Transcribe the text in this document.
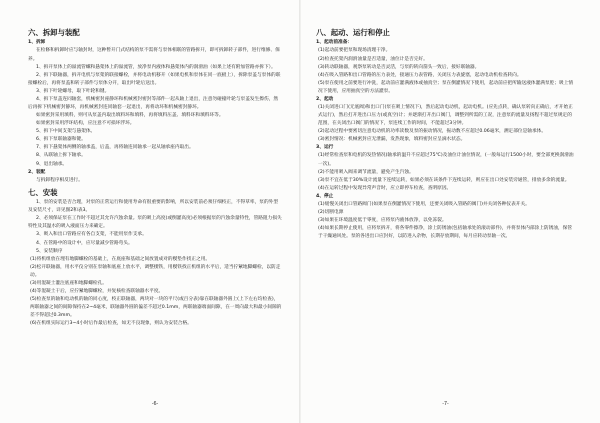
六、拆卸与装配
1、拆卸
在检修和拆卸时应与轴封时，这种暂开门式结构的泵不需将与泵体相联的管路拆开，即可拆卸转子部件，进行维修、保养。
1、拆开泵体上的溢流管螺和悬架体上的溢流管，放净泵内液体和悬架体内的润滑油（如果上述有附加管路亦拆下）。
2、拆下联轴器，拆开电机与泵架的联接螺栓，并将电动机移开（如果电机和泵体在同一底板上），拆除泵盖与泵体的联接螺栓后，再将泵盖和转子部件与泵体分开，取出叶轮后送出。
3、拆下叶轮螺母，取下叶轮和键。
4、拆下泵盖连同轴套，机械密封座静环和机械密封密封等部件一起从轴上退出，注意勿碰撞叶轮与泵盖发生擦伤，然后再拆下机械密封静环，再机械密封连同轴套一起退出，再将动环和机械密封静环。
如果密封采用填料，则可从泵盖内取出填料环和填料，再将填料压盖、填料环和填料环等。
如果密封采用浮环结构，应注意不可损坏浮环。
5、拆下中间支架与悬架体。
6、拆下泵联轴器和键。
7、拆下悬架体两侧的轴承盖，后盖，再将轴连同轴承一起从轴承座内取出。
8、从联轴上拆下轴承。
9、退出轴承。
2、装配
与拆卸程序相反进行。
七、安装
1、泵的安装是否合理，对泵的正常运行和使用寿命有很重要的影响，所以安装前必须仔细校正，不得草率，泵的外型及安装尺寸，详见图2和表3。
2、必须保证泵在工作时不超过其允许汽蚀余量。泵的吸上高度(或倒灌高度)必须根据泵的汽蚀余量特性，管路阻力损失特性及其温水的吸入液面压力来确定。
3、吸入和出口管路应有各自支架，不能用泵作支承。
4、在管路中的设计中，应尽量减少管路弯头。
5、安装顺序
(1)将机组放在埋有地脚螺栓的基础上，在底座和基础之间放置成对的楔垫作找正之用。
(2)松开联轴器，用水平仪分别在泵轴和底座上放水平，调整楔铁，用楔铁找正机组的水平后，适当拧紧地脚螺栓，以防走动。
(3)用混凝土灌注底座和地脚螺栓孔。
(4)等混凝土干后，应拧紧地脚螺栓，并复核检查联轴器水平度。
(5)检查泵的轴和电动机的轴的同心度，校正联轴器，两块对一块的平尺(或百分表)靠在联轴器外圆上(上下左右均检查)，两联轴器之间的间隙保持在2~4毫米，联轴器外圆的偏差不超过0.1mm，两联轴器端面间隙，在一周向最大和最小间隙的差不得超过0.3mm。
(6)在机组实际运行3~4小时后作最后检查，如无不良现象，则认为安装合格。
-6-
八、起动、运行和停止
1、起动前准备：
(1)起动前要把泵和现场清理干净。
(2)检查托架内润滑油量是否适量，油位计是否完好。
(3)转动联轴器，观察泵转动是否灵活，与泵的转向箭头一致后，接好联轴器。
(4)在吸入管路和出口管路的压力表处，接通压力表管路，关闭压力表旋塞，起动电动机检查转向。
(5)泵在使用之前要进行冲洗，起动前应灌满液体或抽真空；泵在倒灌情况下使用，起动前应把所输送液体灌满泵腔；吸上情况下使用，应用抽真空的方法灌泵。
2、起动
(1)关闭进口门(无底阀)和出口门(泵在吸上情况下)，然后起动电动机，起动电机。(应先点转，确认泵转向正确后，才开始正式运行)，然后打开进出口压力(或真空)计；并逐渐打开出口阀门，调整到所需的工况，注意泵的流量及扬程不超过泵规定的范围，在关闭出口阀门的情况下，泵连续工作的时间，不能超过3分钟。
(2)起动过程中要密切注意电动机的功率读数及泵的振动情况，振动数不应超过0.06毫米，测定部位是轴承体。
(3)密封情况：机械密封应无泄漏，发热现象，填料密封应呈滴水状态。
3、运行
(1)经常检查泵和电机的发热情况(轴承的温升不应超过75℃)及油位计油位情况，(一般每运行1500小时，要全部更换润滑油一次)。
(2)不能用吸入阀来调节流量，避免产生汽蚀。
(3)泵不宜在低于30%设计流量下连续运转，如果必须在该条件下连续运转，则应在出口处安装旁通管，排放多余的流量。
(4)在运转过程中发现异常声音时，应立即停车检查，查明原因。
4、停止
(1)缓慢关闭出口管路阀门(如果泵在倒灌情况下使用，还要关闭吸入管路的阀门)并关闭各种仪表开关。
(2)切断电源
(3)如果在环境温度低于零度，应将泵内液体放净，以免冻裂。
(4)如果长期停止使用，应将泵拆开，将各零件擦净，涂上防锈油(包括轴承处的滚动部件)，并将泵体内部涂上防锈油，保管于干燥通风处。泵的各进出口应封好，以防进入杂物，长期存放期间，每月应转动泵轴一次。
-7-
